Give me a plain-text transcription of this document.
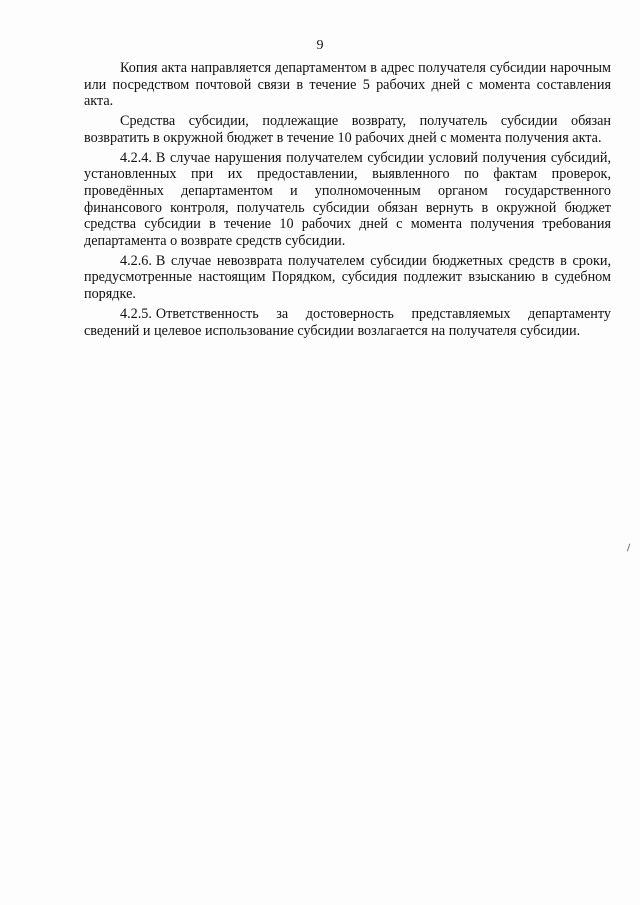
9

Копия акта направляется департаментом в адрес получателя субсидии нарочным или посредством почтовой связи в течение 5 рабочих дней с момента составления акта.

Средства субсидии, подлежащие возврату, получатель субсидии обязан возвратить в окружной бюджет в течение 10 рабочих дней с момента получения акта.

4.2.4. В случае нарушения получателем субсидии условий получения субсидий, установленных при их предоставлении, выявленного по фактам проверок, проведённых департаментом и уполномоченным органом государственного финансового контроля, получатель субсидии обязан вернуть в окружной бюджет средства субсидии в течение 10 рабочих дней с момента получения требования департамента о возврате средств субсидии.

4.2.6. В случае невозврата получателем субсидии бюджетных средств в сроки, предусмотренные настоящим Порядком, субсидия подлежит взысканию в судебном порядке.

4.2.5. Ответственность за достоверность представляемых департаменту сведений и целевое использование субсидии возлагается на получателя субсидии.
